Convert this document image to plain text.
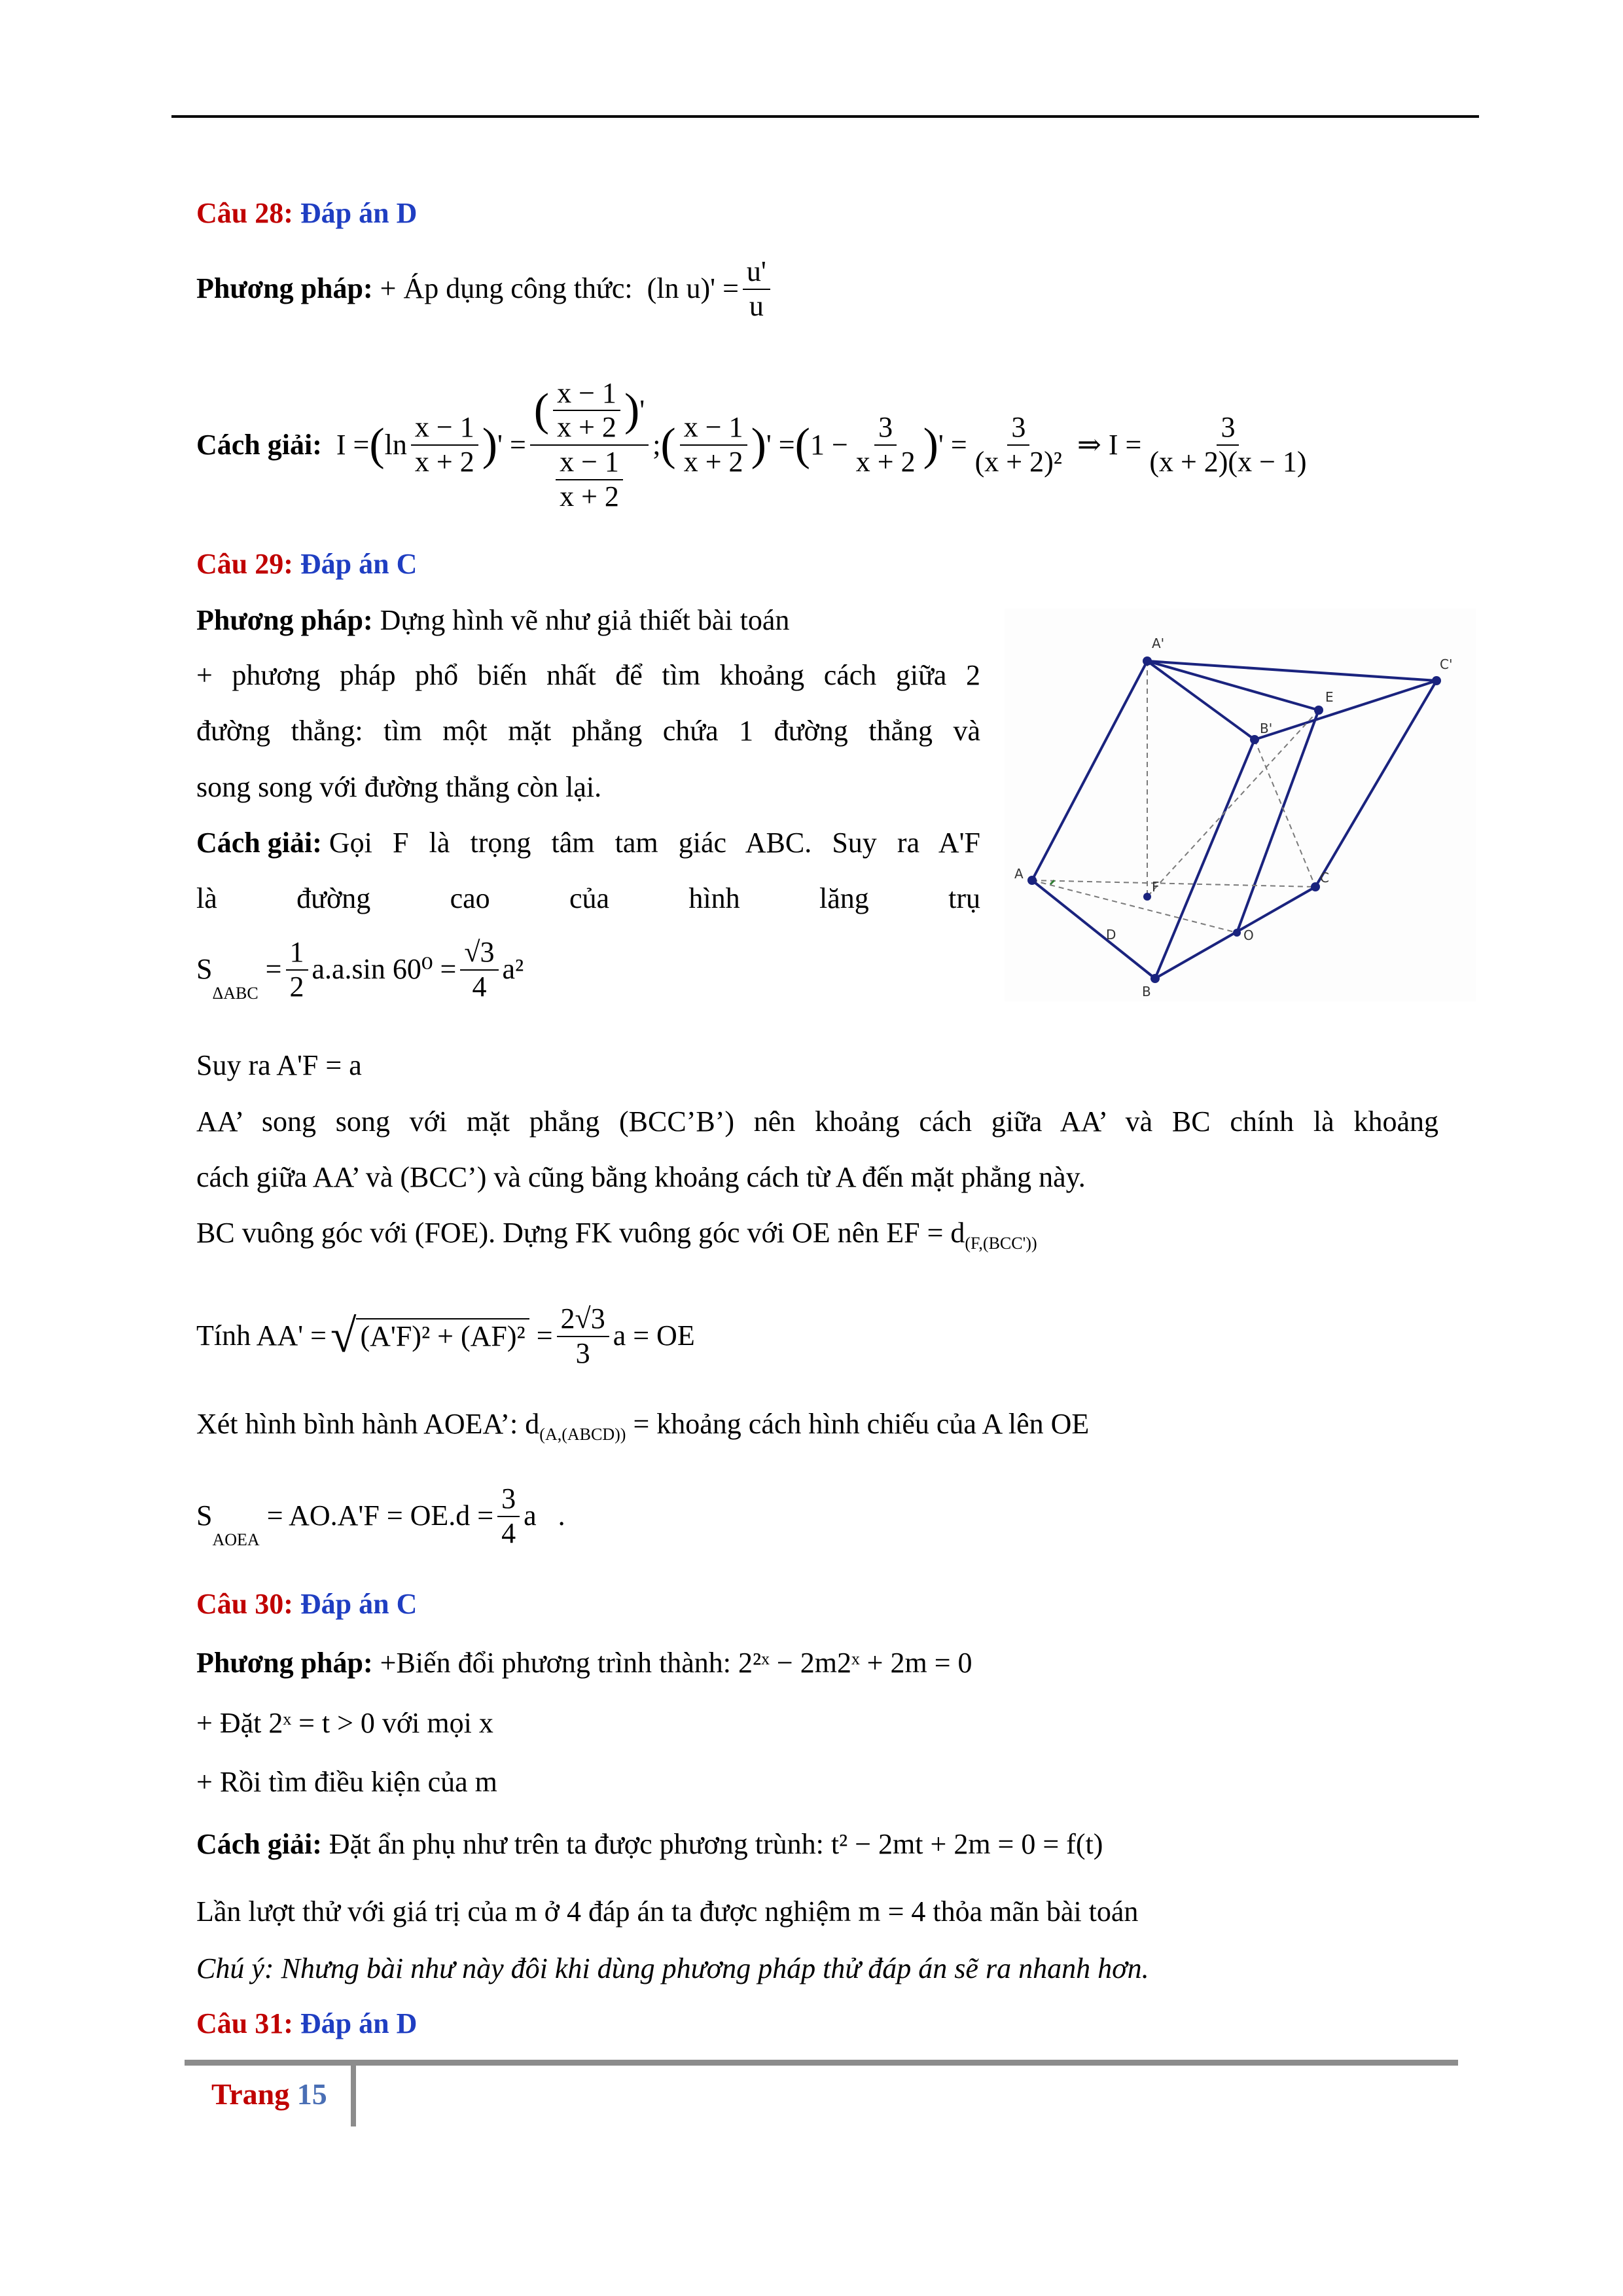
Câu 28: Đáp án D
Phương pháp:
+ Áp dụng công thức:
(ln $u)' = \frac{u'}{u}$
Cách giải:
I = ( $\ln \frac{x - 1}{x + 2}$ ) ' = $\frac{( \frac{x - 1}{x + 2} ) '}{\frac{x - 1}{x + 2}}$ ; ( $\frac{x - 1}{x + 2}$ ) ' = ( $1 - \frac{3}{x + 2}$ ) ' = $\frac{3}{\text{(x + 2)²}}$
⇒ $I = \frac{3}{(x + 2)(x - 1)}$
Câu 29: Đáp án C
Phương pháp: Dựng hình vẽ như giả thiết bài toán
+ phương pháp phổ biến nhất để tìm khoảng cách giữa 2
đường thẳng: tìm một mặt phẳng chứa 1 đường thẳng và
song song với đường thẳng còn lại.
Cách giải:
Gọi F là trọng tâm tam giác ABC. Suy ra A'F
là đường cao của hình lăng trụ
S
$_{\Delta ABC}$

= $\frac{1}{2} a.a.\sin$ $60^0 = \frac{√3}{4} a^2$
Suy ra A'F = a
AA’ song song với mặt phẳng (BCC’B’) nên khoảng cách giữa AA’ và BC chính là khoảng
cách giữa AA’ và (BCC’) và cũng bằng khoảng cách từ A đến mặt phẳng này.
BC vuông góc với (FOE). Dựng FK vuông góc với OE nên EF = $d_{(F,(BCC'))}$
Tính AA' = √ (A'F)² + (AF)²
= $\frac{2√3}{3}$ a = OE
Xét hình bình hành AOEA’: $d_{(A,(ABCD))}$ = khoảng cách hình chiếu của A lên OE
S
$_{AOEA}$

= $AO.A'F = OE.d = \frac{3}{4}$ a   .
A'
C'
B'
E
A	C
B
F
O
D
Câu 30: Đáp án C
Phương pháp: +Biến đổi phương trình thành: 2²ˣ − 2m2ˣ + 2m = 0
+ Đặt 2ˣ = t > 0 với mọi x
+ Rồi tìm điều kiện của m
Cách giải: Đặt ẩn phụ như trên ta được phương trùnh: t² − 2mt + 2m = 0 = f(t)
Lần lượt thử với giá trị của m ở 4 đáp án ta được nghiệm m = 4 thỏa mãn bài toán
Chú ý: Nhưng bài như này đôi khi dùng phương pháp thử đáp án sẽ ra nhanh hơn.
Câu 31: Đáp án D
Trang 15
